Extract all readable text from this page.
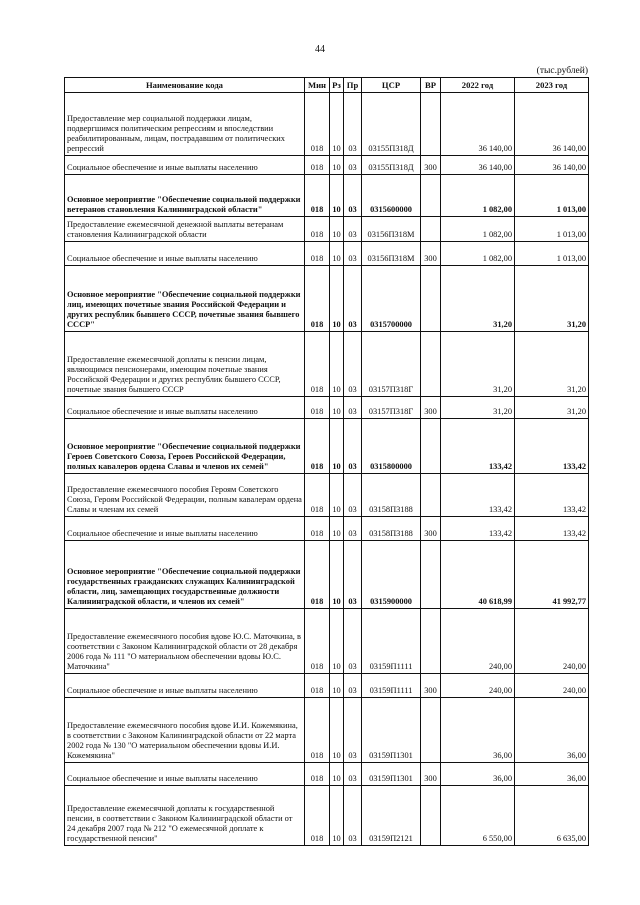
44
(тыс.рублей)
Наименование кода	Мин	Рз	Пр	ЦСР	ВР	2022 год	2023 год
Предоставление мер социальной поддержки лицам, подвергшимся политическим репрессиям и впоследствии реабилитированным, лицам, пострадавшим от политических репрессий	018	10	03	03155П318Д		36 140,00	36 140,00
Социальное обеспечение и иные выплаты населению	018	10	03	03155П318Д	300	36 140,00	36 140,00
Основное мероприятие "Обеспечение социальной поддержки ветеранов становления Калининградской области"	018	10	03	0315600000		1 082,00	1 013,00
Предоставление ежемесячной денежной выплаты ветеранам становления Калининградской области	018	10	03	03156П318М		1 082,00	1 013,00
Социальное обеспечение и иные выплаты населению	018	10	03	03156П318М	300	1 082,00	1 013,00
Основное мероприятие "Обеспечение социальной поддержки лиц, имеющих почетные звания Российской Федерации и других республик бывшего СССР, почетные звания бывшего СССР"	018	10	03	0315700000		31,20	31,20
Предоставление ежемесячной доплаты к пенсии лицам, являющимся пенсионерами, имеющим почетные звания Российской Федерации и других республик бывшего СССР, почетные звания бывшего СССР	018	10	03	03157П318Г		31,20	31,20
Социальное обеспечение и иные выплаты населению	018	10	03	03157П318Г	300	31,20	31,20
Основное мероприятие "Обеспечение социальной поддержки Героев Советского Союза, Героев Российской Федерации, полных кавалеров ордена Славы и членов их семей"	018	10	03	0315800000		133,42	133,42
Предоставление ежемесячного пособия Героям Советского Союза, Героям Российской Федерации, полным кавалерам ордена Славы и членам их семей	018	10	03	03158П3188		133,42	133,42
Социальное обеспечение и иные выплаты населению	018	10	03	03158П3188	300	133,42	133,42
Основное мероприятие "Обеспечение социальной поддержки государственных гражданских служащих Калининградской области, лиц, замещающих государственные должности Калининградской области, и членов их семей"	018	10	03	0315900000		40 618,99	41 992,77
Предоставление ежемесячного пособия вдове Ю.С. Маточкина, в соответствии с Законом Калининградской области от 28 декабря 2006 года № 111 "О материальном обеспечении вдовы Ю.С. Маточкина"	018	10	03	03159П1111		240,00	240,00
Социальное обеспечение и иные выплаты населению	018	10	03	03159П1111	300	240,00	240,00
Предоставление ежемесячного пособия вдове И.И. Кожемякина, в соответствии с Законом Калининградской области от 22 марта 2002 года № 130 "О материальном обеспечении вдовы И.И. Кожемякина"	018	10	03	03159П1301		36,00	36,00
Социальное обеспечение и иные выплаты населению	018	10	03	03159П1301	300	36,00	36,00
Предоставление ежемесячной доплаты к государственной пенсии, в соответствии с Законом Калининградской области от 24 декабря 2007 года № 212 "О ежемесячной доплате к государственной пенсии"	018	10	03	03159П2121		6 550,00	6 635,00
